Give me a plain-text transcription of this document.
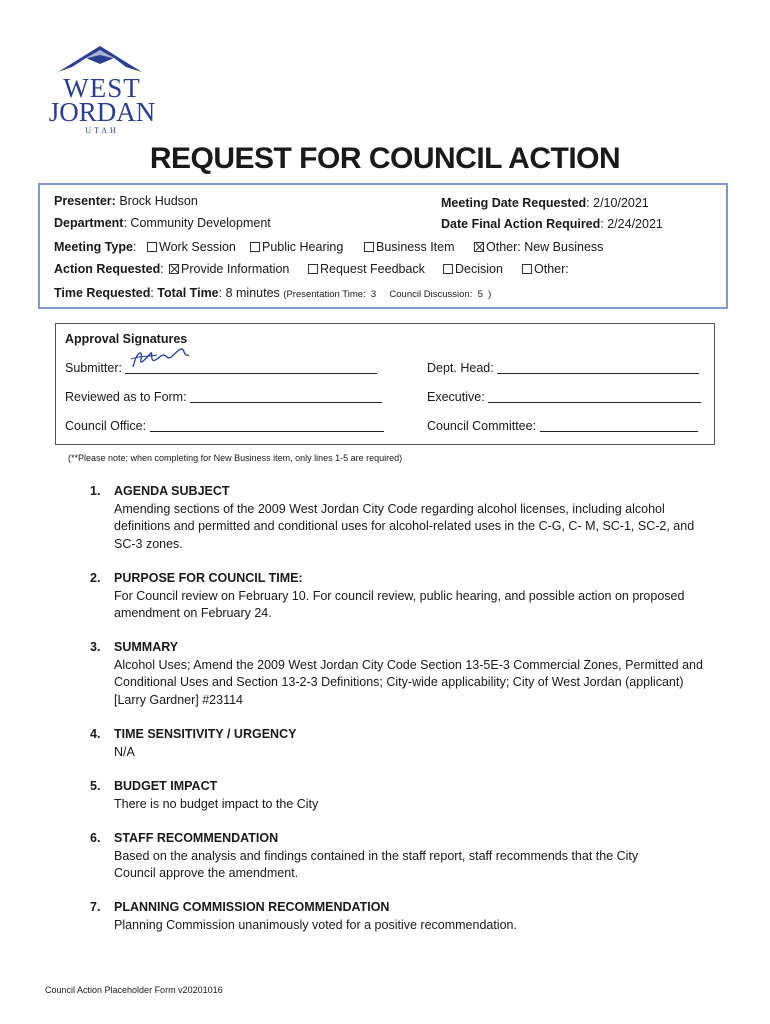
WEST
JORDAN
UTAH
REQUEST FOR COUNCIL ACTION
Presenter: Brock Hudson
Department: Community Development
Meeting Date Requested: 2/10/2021
Date Final Action Required: 2/24/2021
Meeting Type:	Work Session	Public Hearing	Business Item	Other: New Business
Action Requested:	Provide Information	Request Feedback	Decision	Other:
Time Requested: Total Time: 8 minutes (Presentation Time:  3     Council Discussion:  5  )
Approval Signatures
Submitter:	Dept. Head:
Reviewed as to Form:	Executive:
Council Office:	Council Committee:
(**Please note: when completing for New Business item, only lines 1-5 are required)
1. AGENDA SUBJECT
Amending sections of the 2009 West Jordan City Code regarding alcohol licenses, including alcohol definitions and permitted and conditional uses for alcohol-related uses in the C-G, C- M, SC-1, SC-2, and SC-3 zones.
2. PURPOSE FOR COUNCIL TIME:
For Council review on February 10. For council review, public hearing, and possible action on proposed amendment on February 24.
3. SUMMARY
Alcohol Uses; Amend the 2009 West Jordan City Code Section 13-5E-3 Commercial Zones, Permitted and Conditional Uses and Section 13-2-3 Definitions; City-wide applicability; City of West Jordan (applicant) [Larry Gardner] #23114
4. TIME SENSITIVITY / URGENCY
N/A
5. BUDGET IMPACT
There is no budget impact to the City
6. STAFF RECOMMENDATION
Based on the analysis and findings contained in the staff report, staff recommends that the City Council approve the amendment.
7. PLANNING COMMISSION RECOMMENDATION
Planning Commission unanimously voted for a positive recommendation.
Council Action Placeholder Form v20201016
